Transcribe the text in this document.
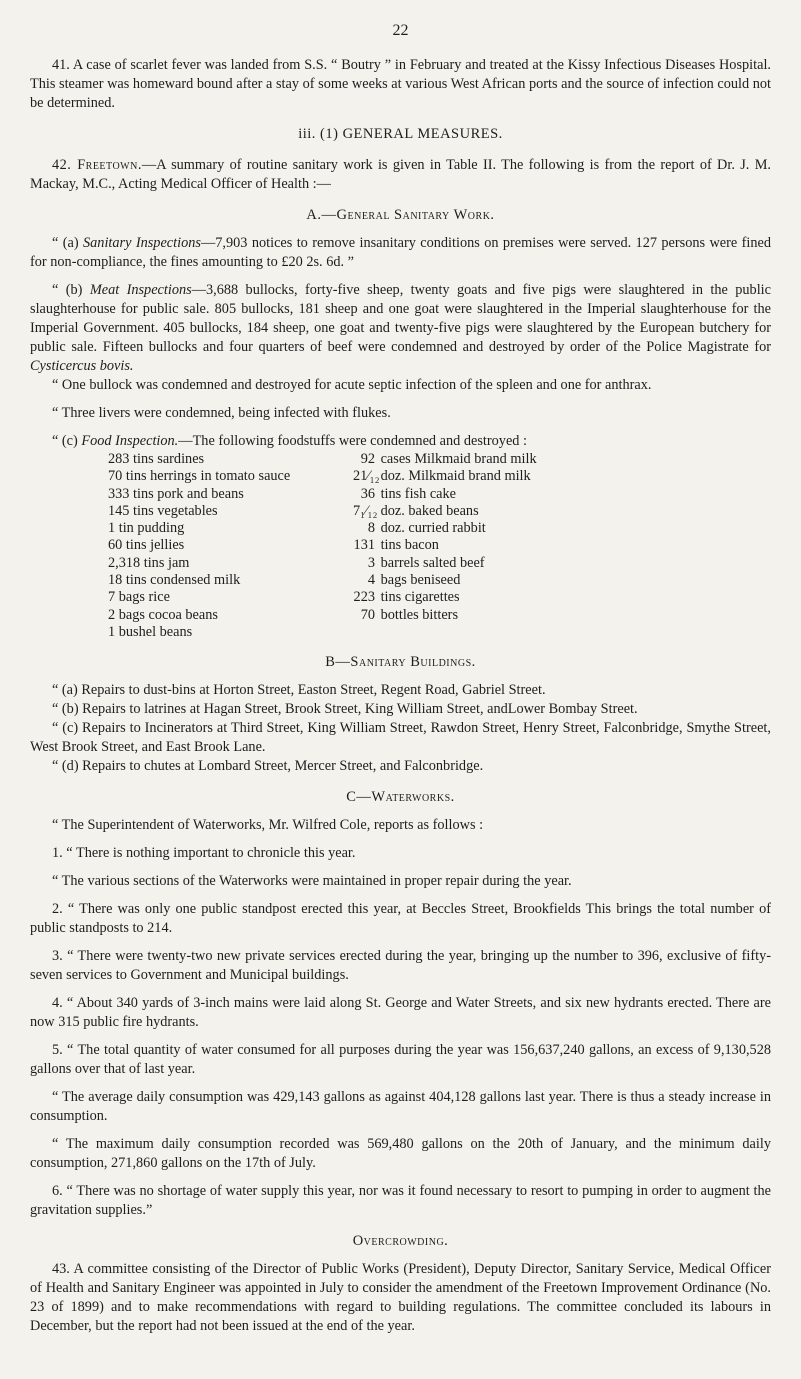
22

41. A case of scarlet fever was landed from S.S. “ Boutry ” in February and treated at the Kissy Infectious Diseases Hospital. This steamer was homeward bound after a stay of some weeks at various West African ports and the source of infection could not be determined.

iii. (1) GENERAL MEASURES.

42. Freetown.—A summary of routine sanitary work is given in Table II. The following is from the report of Dr. J. M. Mackay, M.C., Acting Medical Officer of Health :—

A.—General Sanitary Work.

“ (a) Sanitary Inspections—7,903 notices to remove insanitary conditions on premises were served. 127 persons were fined for non-compliance, the fines amounting to £20 2s. 6d. ”

“ (b) Meat Inspections—3,688 bullocks, forty-five sheep, twenty goats and five pigs were slaughtered in the public slaughterhouse for public sale. 805 bullocks, 181 sheep and one goat were slaughtered in the Imperial slaughterhouse for the Imperial Government. 405 bullocks, 184 sheep, one goat and twenty-five pigs were slaughtered by the European butchery for public sale. Fifteen bullocks and four quarters of beef were condemned and destroyed by order of the Police Magistrate for Cysticercus bovis.

“ One bullock was condemned and destroyed for acute septic infection of the spleen and one for anthrax.

“ Three livers were condemned, being infected with flukes.

“ (c) Food Inspection.—The following foodstuffs were condemned and destroyed :

283 tins sardines
70 tins herrings in tomato sauce
333 tins pork and beans
145 tins vegetables
1 tin pudding
60 tins jellies
2,318 tins jam
18 tins condensed milk
7 bags rice
2 bags cocoa beans
1 bushel beans
92 cases Milkmaid brand milk
21⁄₁₂ doz. Milkmaid brand milk
36 tins fish cake
7₁⁄₁₂ doz. baked beans
8 doz. curried rabbit
131 tins bacon
3 barrels salted beef
4 bags beniseed
223 tins cigarettes
70 bottles bitters
B—Sanitary Buildings.

“ (a) Repairs to dust-bins at Horton Street, Easton Street, Regent Road, Gabriel Street.

“ (b) Repairs to latrines at Hagan Street, Brook Street, King William Street, andLower Bombay Street.

“ (c) Repairs to Incinerators at Third Street, King William Street, Rawdon Street, Henry Street, Falconbridge, Smythe Street, West Brook Street, and East Brook Lane.

“ (d) Repairs to chutes at Lombard Street, Mercer Street, and Falconbridge.

C—Waterworks.

“ The Superintendent of Waterworks, Mr. Wilfred Cole, reports as follows :

1. “ There is nothing important to chronicle this year.

“ The various sections of the Waterworks were maintained in proper repair during the year.

2. “ There was only one public standpost erected this year, at Beccles Street, Brookfields This brings the total number of public standposts to 214.

3. “ There were twenty-two new private services erected during the year, bringing up the number to 396, exclusive of fifty-seven services to Government and Municipal buildings.

4. “ About 340 yards of 3-inch mains were laid along St. George and Water Streets, and six new hydrants erected. There are now 315 public fire hydrants.

5. “ The total quantity of water consumed for all purposes during the year was 156,637,240 gallons, an excess of 9,130,528 gallons over that of last year.

“ The average daily consumption was 429,143 gallons as against 404,128 gallons last year. There is thus a steady increase in consumption.

“ The maximum daily consumption recorded was 569,480 gallons on the 20th of January, and the minimum daily consumption, 271,860 gallons on the 17th of July.

6. “ There was no shortage of water supply this year, nor was it found necessary to resort to pumping in order to augment the gravitation supplies.”

Overcrowding.

43. A committee consisting of the Director of Public Works (President), Deputy Director, Sanitary Service, Medical Officer of Health and Sanitary Engineer was appointed in July to consider the amendment of the Freetown Improvement Ordinance (No. 23 of 1899) and to make recommendations with regard to building regulations. The committee concluded its labours in December, but the report had not been issued at the end of the year.
